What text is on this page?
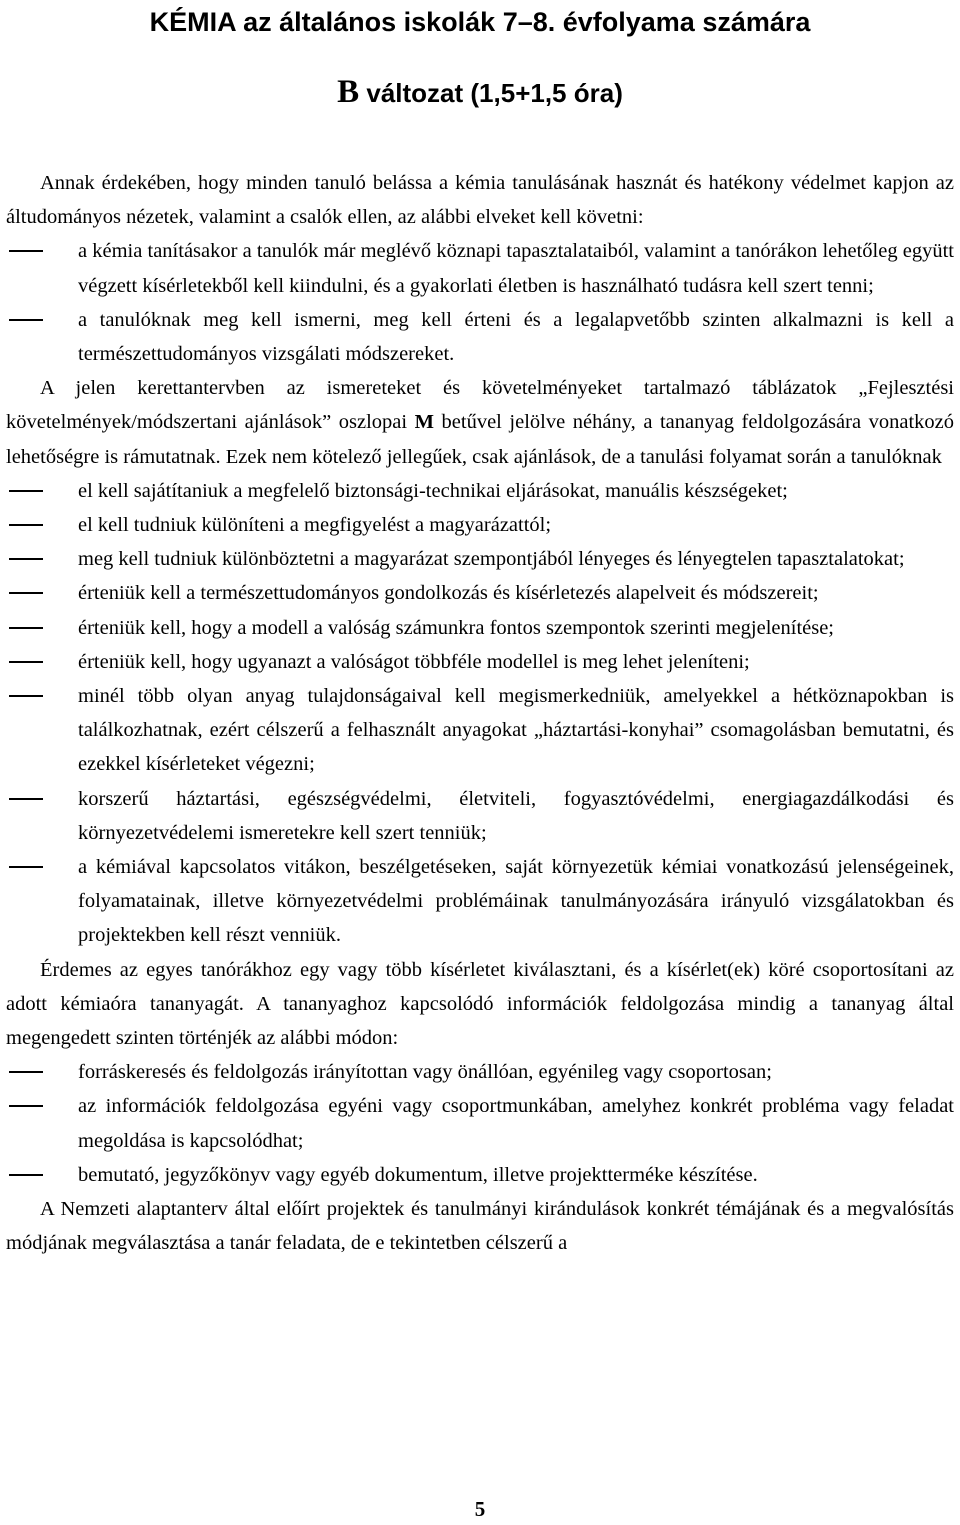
KÉMIA az általános iskolák 7–8. évfolyama számára
B változat (1,5+1,5 óra)

Annak érdekében, hogy minden tanuló belássa a kémia tanulásának hasznát és hatékony védelmet kapjon az áltudományos nézetek, valamint a csalók ellen, az alábbi elveket kell követni:

a kémia tanításakor a tanulók már meglévő köznapi tapasztalataiból, valamint a tanórákon lehetőleg együtt végzett kísérletekből kell kiindulni, és a gyakorlati életben is használható tudásra kell szert tenni;
a tanulóknak meg kell ismerni, meg kell érteni és a legalapvetőbb szinten alkalmazni is kell a természettudományos vizsgálati módszereket.

A jelen kerettantervben az ismereteket és követelményeket tartalmazó táblázatok „Fejlesztési követelmények/módszertani ajánlások” oszlopai M betűvel jelölve néhány, a tananyag feldolgozására vonatkozó lehetőségre is rámutatnak. Ezek nem kötelező jellegűek, csak ajánlások, de a tanulási folyamat során a tanulóknak

el kell sajátítaniuk a megfelelő biztonsági-technikai eljárásokat, manuális készségeket;
el kell tudniuk különíteni a megfigyelést a magyarázattól;
meg kell tudniuk különböztetni a magyarázat szempontjából lényeges és lényegtelen tapasztalatokat;
érteniük kell a természettudományos gondolkozás és kísérletezés alapelveit és módszereit;
érteniük kell, hogy a modell a valóság számunkra fontos szempontok szerinti megjelenítése;
érteniük kell, hogy ugyanazt a valóságot többféle modellel is meg lehet jeleníteni;
minél több olyan anyag tulajdonságaival kell megismerkedniük, amelyekkel a hétköznapokban is találkozhatnak, ezért célszerű a felhasznált anyagokat „háztartási-konyhai” csomagolásban bemutatni, és ezekkel kísérleteket végezni;
korszerű háztartási, egészségvédelmi, életviteli, fogyasztóvédelmi, energiagazdálkodási és környezetvédelemi ismeretekre kell szert tenniük;
a kémiával kapcsolatos vitákon, beszélgetéseken, saját környezetük kémiai vonatkozású jelenségeinek, folyamatainak, illetve környezetvédelmi problémáinak tanulmányozására irányuló vizsgálatokban és projektekben kell részt venniük.

Érdemes az egyes tanórákhoz egy vagy több kísérletet kiválasztani, és a kísérlet(ek) köré csoportosítani az adott kémiaóra tananyagát. A tananyaghoz kapcsolódó információk feldolgozása mindig a tananyag által megengedett szinten történjék az alábbi módon:

forráskeresés és feldolgozás irányítottan vagy önállóan, egyénileg vagy csoportosan;
az információk feldolgozása egyéni vagy csoportmunkában, amelyhez konkrét probléma vagy feladat megoldása is kapcsolódhat;
bemutató, jegyzőkönyv vagy egyéb dokumentum, illetve projektterméke készítése.

A Nemzeti alaptanterv által előírt projektek és tanulmányi kirándulások konkrét témájának és a megvalósítás módjának megválasztása a tanár feladata, de e tekintetben célszerű a

5
